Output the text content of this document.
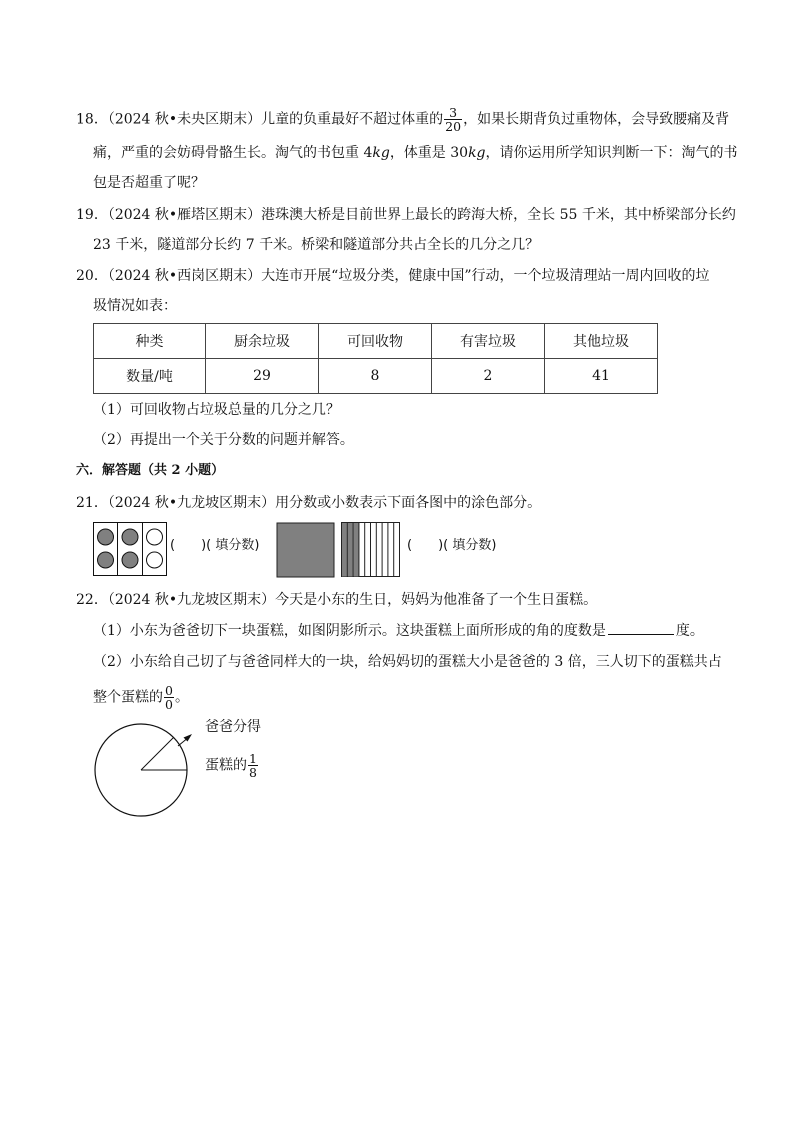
18．（2024 秋•未央区期末）儿童的负重最好不超过体重的 $\frac{3}{20}$ ，如果长期背负过重物体，会导致腰痛及背
痛，严重的会妨碍骨骼生长。淘气的书包重 4kg，体重是 30kg，请你运用所学知识判断一下：淘气的书
包是否超重了呢？
19．（2024 秋•雁塔区期末）港珠澳大桥是目前世界上最长的跨海大桥，全长 55 千米，其中桥梁部分长约
23 千米，隧道部分长约 7 千米。桥梁和隧道部分共占全长的几分之几？
20．（2024 秋•西岗区期末）大连市开展“垃圾分类，健康中国”行动，一个垃圾清理站一周内回收的垃
圾情况如表：
种类	厨余垃圾	可回收物	有害垃圾	其他垃圾
数量/吨	29	8	2	41
（1）可回收物占垃圾总量的几分之几？
（2）再提出一个关于分数的问题并解答。
六．解答题（共 2 小题）
21．（2024 秋•九龙坡区期末）用分数或小数表示下面各图中的涂色部分。
(　　)( 填分数)	(　　)( 填分数)
22．（2024 秋•九龙坡区期末）今天是小东的生日，妈妈为他准备了一个生日蛋糕。
（1）小东为爸爸切下一块蛋糕，如图阴影所示。这块蛋糕上面所形成的角的度数是	度。
（2）小东给自己切了与爸爸同样大的一块，给妈妈切的蛋糕大小是爸爸的 3 倍，三人切下的蛋糕共占
整个蛋糕的 $\frac{0}{0}$ 。
爸爸分得
蛋糕的 $\frac{1}{8}$
